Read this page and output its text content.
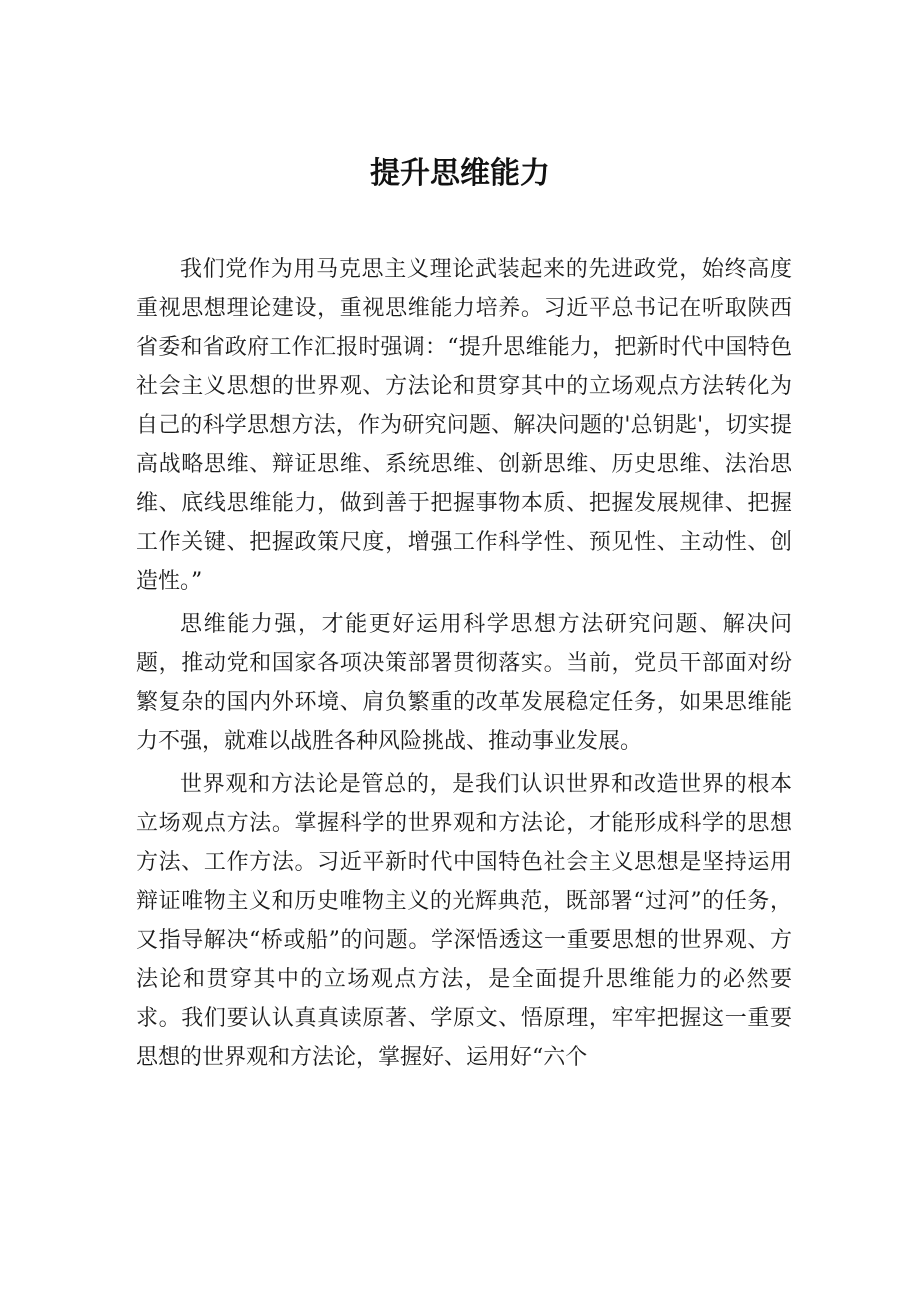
提升思维能力

我们党作为用马克思主义理论武装起来的先进政党，始终高度重视思想理论建设，重视思维能力培养。习近平总书记在听取陕西省委和省政府工作汇报时强调：“提升思维能力，把新时代中国特色社会主义思想的世界观、方法论和贯穿其中的立场观点方法转化为自己的科学思想方法，作为研究问题、解决问题的'总钥匙'，切实提高战略思维、辩证思维、系统思维、创新思维、历史思维、法治思维、底线思维能力，做到善于把握事物本质、把握发展规律、把握工作关键、把握政策尺度，增强工作科学性、预见性、主动性、创造性。”

思维能力强，才能更好运用科学思想方法研究问题、解决问题，推动党和国家各项决策部署贯彻落实。当前，党员干部面对纷繁复杂的国内外环境、肩负繁重的改革发展稳定任务，如果思维能力不强，就难以战胜各种风险挑战、推动事业发展。

世界观和方法论是管总的，是我们认识世界和改造世界的根本立场观点方法。掌握科学的世界观和方法论，才能形成科学的思想方法、工作方法。习近平新时代中国特色社会主义思想是坚持运用辩证唯物主义和历史唯物主义的光辉典范，既部署“过河”的任务，又指导解决“桥或船”的问题。学深悟透这一重要思想的世界观、方法论和贯穿其中的立场观点方法，是全面提升思维能力的必然要求。我们要认认真真读原著、学原文、悟原理，牢牢把握这一重要思想的世界观和方法论，掌握好、运用好“六个
